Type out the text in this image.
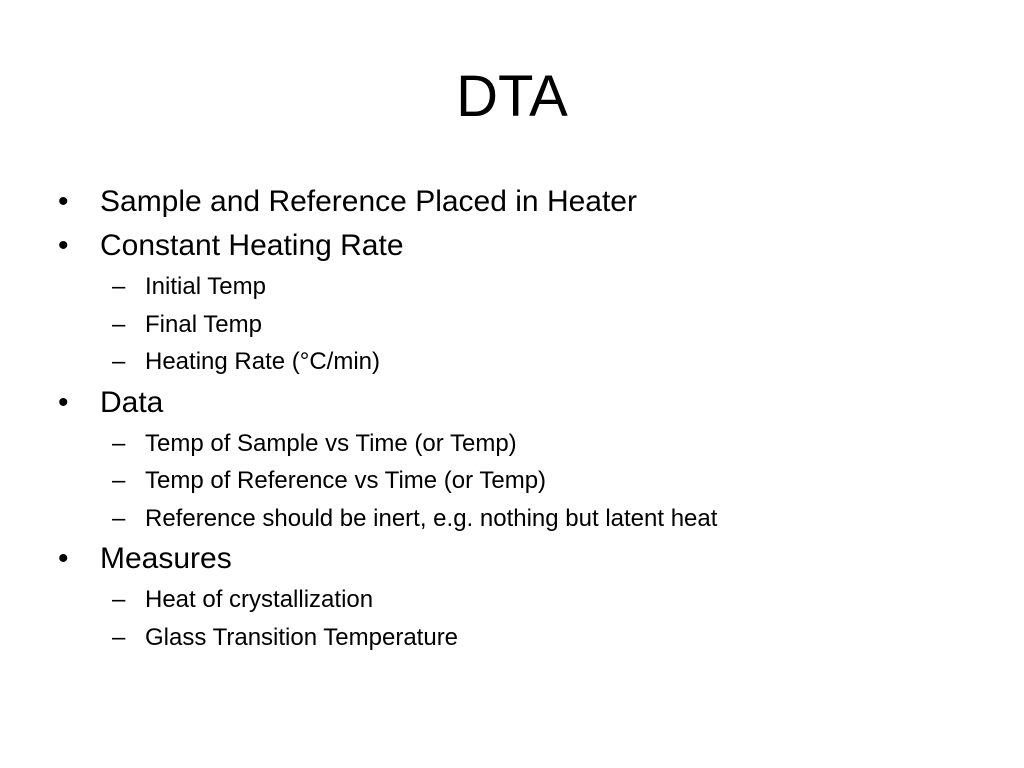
DTA
•	Sample and Reference Placed in Heater
•	Constant Heating Rate
– Initial Temp
– Final Temp
– Heating Rate (°C/min)
•	Data
– Temp of Sample vs Time (or Temp)
– Temp of Reference vs Time (or Temp)
– Reference should be inert, e.g. nothing but latent heat
•	Measures
– Heat of crystallization
– Glass Transition Temperature
